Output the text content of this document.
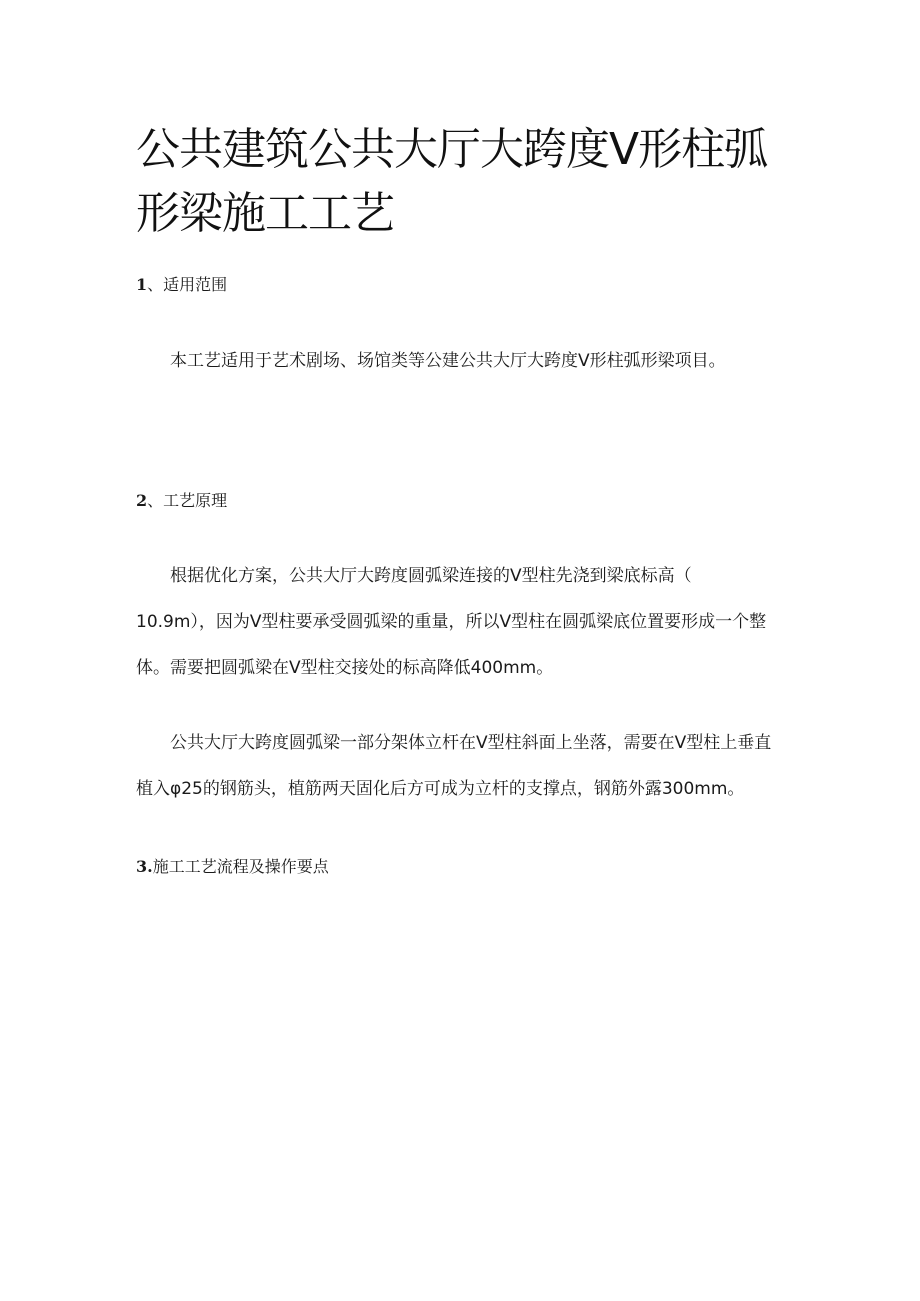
公共建筑公共大厅大跨度V形柱弧
形梁施工工艺
1、适用范围

本工艺适用于艺术剧场、场馆类等公建公共大厅大跨度V形柱弧形梁项目。

2、工艺原理

根据优化方案，公共大厅大跨度圆弧梁连接的V型柱先浇到梁底标高（
10.9m），因为V型柱要承受圆弧梁的重量，所以V型柱在圆弧梁底位置要形成一个整
体。需要把圆弧梁在V型柱交接处的标高降低400mm。

公共大厅大跨度圆弧梁一部分架体立杆在V型柱斜面上坐落，需要在V型柱上垂直
植入φ25的钢筋头，植筋两天固化后方可成为立杆的支撑点，钢筋外露300mm。

3.施工工艺流程及操作要点
